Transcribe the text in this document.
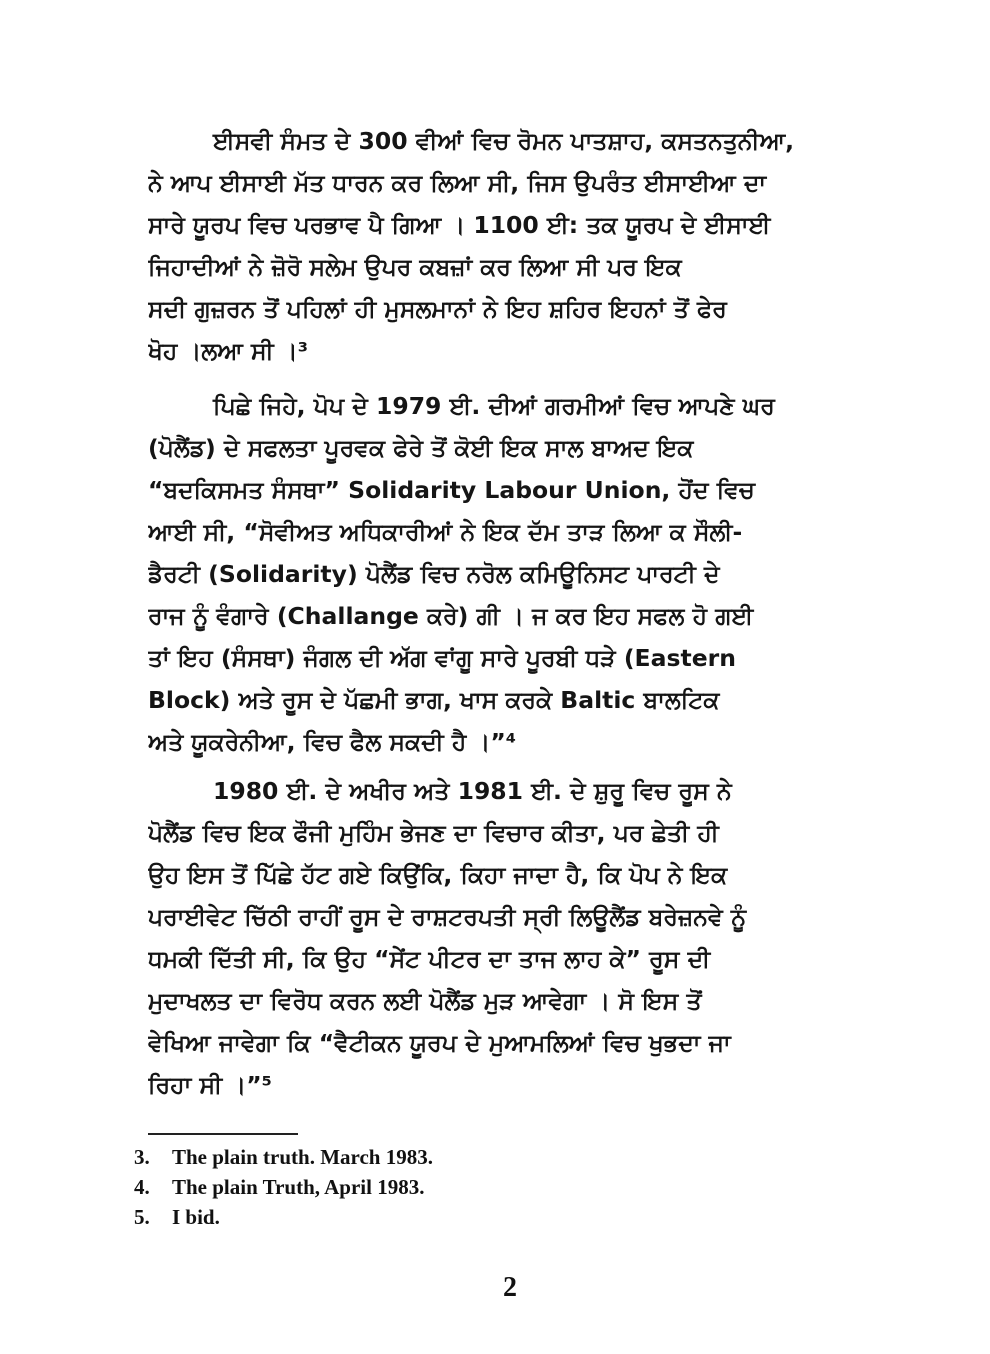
ਈਸਵੀ ਸੰਮਤ ਦੇ 300 ਵੀਆਂ ਵਿਚ ਰੋਮਨ ਪਾਤਸ਼ਾਹ, ਕਸਤਨਤੁਨੀਆ,
ਨੇ ਆਪ ਈਸਾਈ ਮੱਤ ਧਾਰਨ ਕਰ ਲਿਆ ਸੀ, ਜਿਸ ਉਪਰੰਤ ਈਸਾਈਆ ਦਾ
ਸਾਰੇ ਯੂਰਪ ਵਿਚ ਪਰਭਾਵ ਪੈ ਗਿਆ । 1100 ਈ: ਤਕ ਯੂਰਪ ਦੇ ਈਸਾਈ
ਜਿਹਾਦੀਆਂ ਨੇ ਜ਼ੋਰੋ ਸਲੇਮ ਉਪਰ ਕਬਜ਼ਾਂ ਕਰ ਲਿਆ ਸੀ ਪਰ ਇਕ
ਸਦੀ ਗੁਜ਼ਰਨ ਤੋਂ ਪਹਿਲਾਂ ਹੀ ਮੁਸਲਮਾਨਾਂ ਨੇ ਇਹ ਸ਼ਹਿਰ ਇਹਨਾਂ ਤੋਂ ਫੇਰ
ਖੋਹ ।ਲਆ ਸੀ ।³
ਪਿਛੇ ਜਿਹੇ, ਪੋਪ ਦੇ 1979 ਈ. ਦੀਆਂ ਗਰਮੀਆਂ ਵਿਚ ਆਪਣੇ ਘਰ
(ਪੋਲੈਂਡ) ਦੇ ਸਫਲਤਾ ਪੂਰਵਕ ਫੇਰੇ ਤੋਂ ਕੋਈ ਇਕ ਸਾਲ ਬਾਅਦ ਇਕ
“ਬਦਕਿਸਮਤ ਸੰਸਥਾ” Solidarity Labour Union, ਹੋਂਦ ਵਿਚ
ਆਈ ਸੀ, “ਸੋਵੀਅਤ ਅਧਿਕਾਰੀਆਂ ਨੇ ਇਕ ਦੱਮ ਤਾੜ ਲਿਆ ਕ ਸੌਲੀ-
ਡੈਰਟੀ (Solidarity) ਪੋਲੈਂਡ ਵਿਚ ਨਰੋਲ ਕਮਿਊਨਿਸਟ ਪਾਰਟੀ ਦੇ
ਰਾਜ ਨੂੰ ਵੰਗਾਰੇ (Challange ਕਰੇ) ਗੀ । ਜ ਕਰ ਇਹ ਸਫਲ ਹੋ ਗਈ
ਤਾਂ ਇਹ (ਸੰਸਥਾ) ਜੰਗਲ ਦੀ ਅੱਗ ਵਾਂਗੂ ਸਾਰੇ ਪੂਰਬੀ ਧੜੇ (Eastern
Block) ਅਤੇ ਰੂਸ ਦੇ ਪੱਛਮੀ ਭਾਗ, ਖਾਸ ਕਰਕੇ Baltic ਬਾਲਟਿਕ
ਅਤੇ ਯੂਕਰੇਨੀਆ, ਵਿਚ ਫੈਲ ਸਕਦੀ ਹੈ ।”⁴
1980 ਈ. ਦੇ ਅਖੀਰ ਅਤੇ 1981 ਈ. ਦੇ ਸ਼ੁਰੂ ਵਿਚ ਰੂਸ ਨੇ
ਪੋਲੈਂਡ ਵਿਚ ਇਕ ਫੌਜੀ ਮੁਹਿੰਮ ਭੇਜਣ ਦਾ ਵਿਚਾਰ ਕੀਤਾ, ਪਰ ਛੇਤੀ ਹੀ
ਉਹ ਇਸ ਤੋਂ ਪਿੱਛੇ ਹੱਟ ਗਏ ਕਿਉਂਕਿ, ਕਿਹਾ ਜਾਦਾ ਹੈ, ਕਿ ਪੋਪ ਨੇ ਇਕ
ਪਰਾਈਵੇਟ ਚਿੱਠੀ ਰਾਹੀਂ ਰੂਸ ਦੇ ਰਾਸ਼ਟਰਪਤੀ ਸ੍ਰੀ ਲਿਊਲੈਂਡ ਬਰੇਜ਼ਨਵੇ ਨੂੰ
ਧਮਕੀ ਦਿੱਤੀ ਸੀ, ਕਿ ਉਹ “ਸੇਂਟ ਪੀਟਰ ਦਾ ਤਾਜ ਲਾਹ ਕੇ” ਰੂਸ ਦੀ
ਮੁਦਾਖਲਤ ਦਾ ਵਿਰੋਧ ਕਰਨ ਲਈ ਪੋਲੈਂਡ ਮੁੜ ਆਵੇਗਾ । ਸੋ ਇਸ ਤੋਂ
ਵੇਖਿਆ ਜਾਵੇਗਾ ਕਿ “ਵੈਟੀਕਨ ਯੂਰਪ ਦੇ ਮੁਆਮਲਿਆਂ ਵਿਚ ਖੁਭਦਾ ਜਾ
ਰਿਹਾ ਸੀ ।”⁵
3. The plain truth. March 1983.
4. The plain Truth, April 1983.
5. I bid.
2
